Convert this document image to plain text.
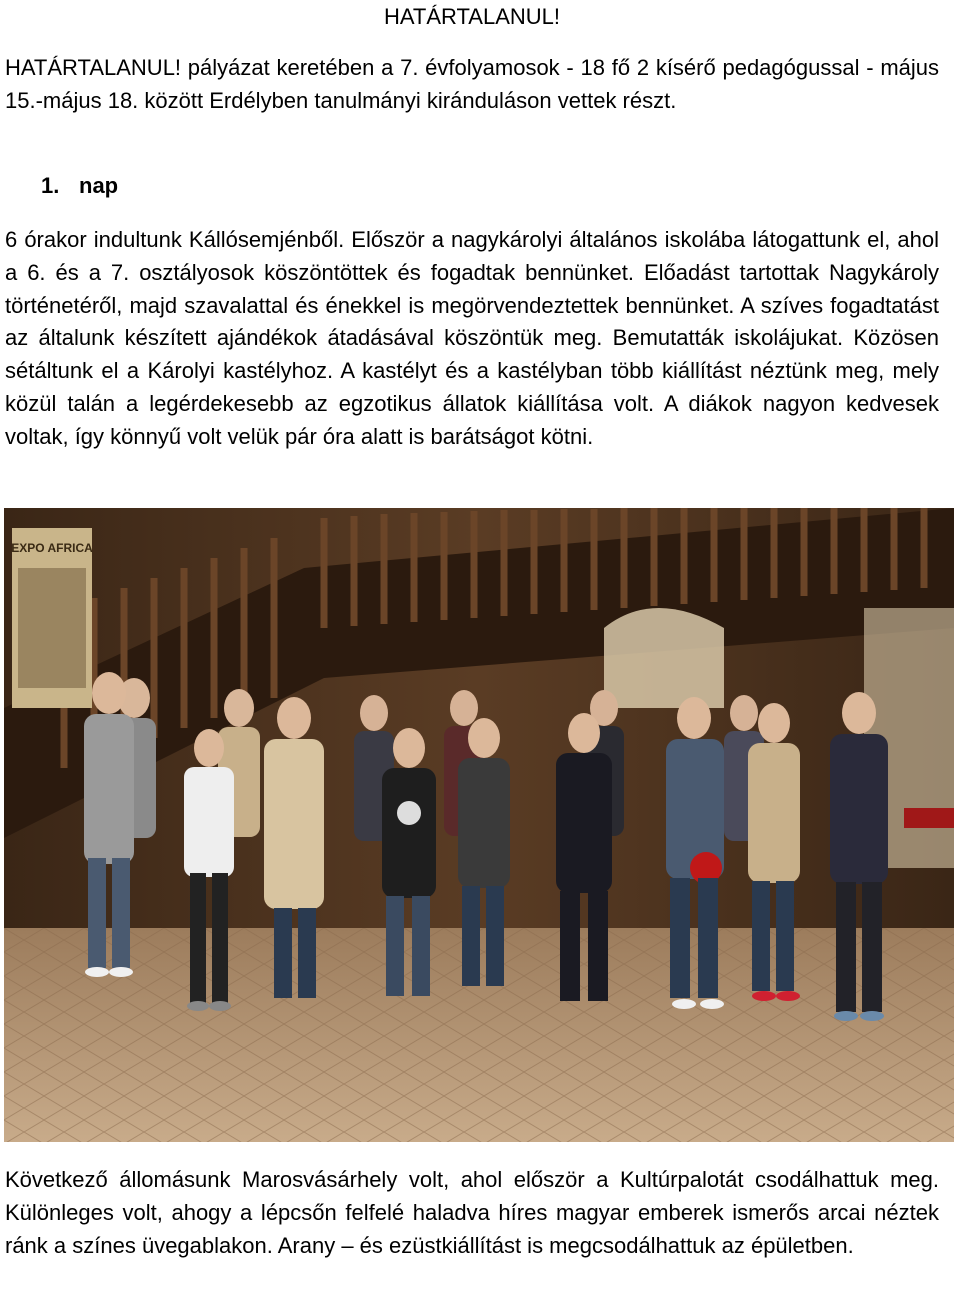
HATÁRTALANUL!

HATÁRTALANUL! pályázat keretében a 7. évfolyamosok - 18 fő 2 kísérő pedagógussal - május 15.-május 18. között Erdélyben tanulmányi kiránduláson vettek részt.

1. nap

6 órakor indultunk Kállósemjénből. Először a nagykárolyi általános iskolába látogattunk el, ahol a 6. és a 7. osztályosok köszöntöttek és fogadtak bennünket. Előadást tartottak Nagykároly történetéről, majd szavalattal és énekkel is megörvendeztettek bennünket. A szíves fogadtatást az általunk készített ajándékok átadásával köszöntük meg. Bemutatták iskolájukat. Közösen sétáltunk el a Károlyi kastélyhoz. A kastélyt és a kastélyban több kiállítást néztünk meg, mely közül talán a legérdekesebb az egzotikus állatok kiállítása volt. A diákok nagyon kedvesek voltak, így könnyű volt velük pár óra alatt is barátságot kötni.

EXPO AFRICA

Következő állomásunk Marosvásárhely volt, ahol először a Kultúrpalotát csodálhattuk meg. Különleges volt, ahogy a lépcsőn felfelé haladva híres magyar emberek ismerős arcai néztek ránk a színes üvegablakon. Arany – és ezüstkiállítást is megcsodálhattuk az épületben.
